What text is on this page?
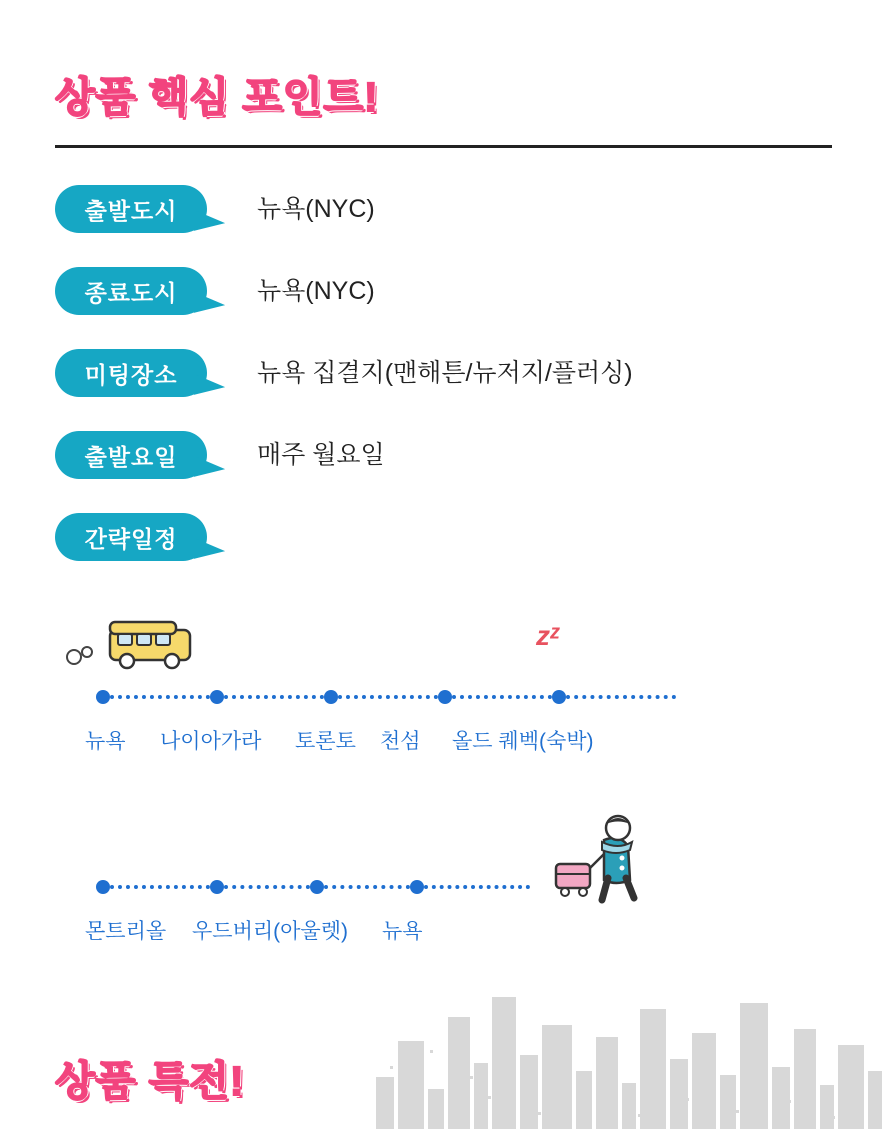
상품 핵심 포인트!
출발도시	뉴욕(NYC)
종료도시	뉴욕(NYC)
미팅장소	뉴욕 집결지(맨해튼/뉴저지/플러싱)
출발요일	매주 월요일
간략일정
zz
뉴욕 나이아가라 토론토 천섬 올드 퀘벡(숙박)
몬트리올 우드버리(아울렛) 뉴욕
상품 특전!
